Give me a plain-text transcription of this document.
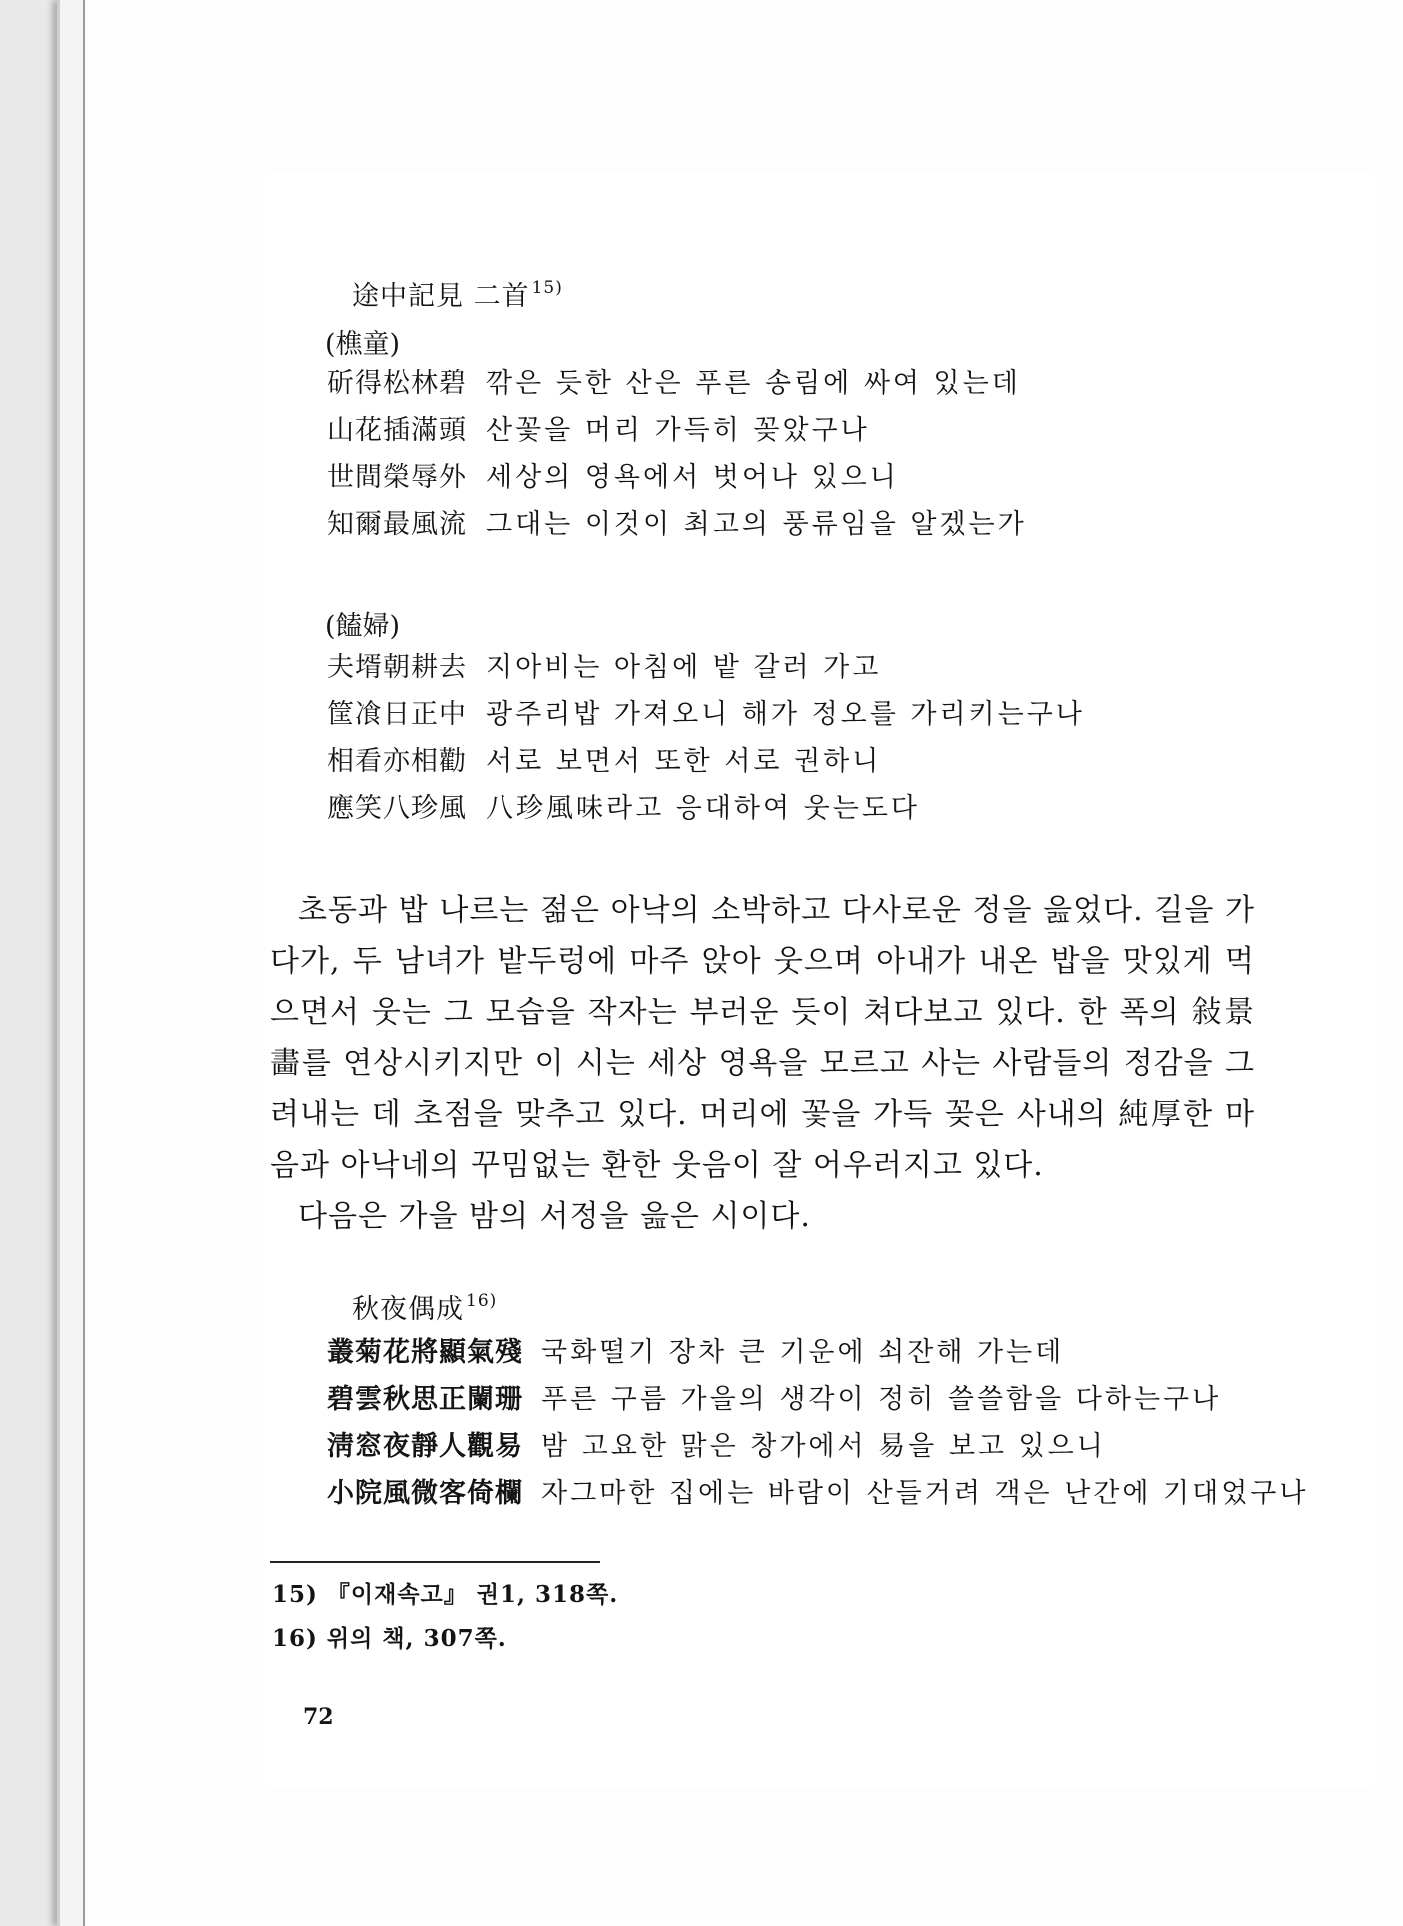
途中記見 二首 $^{15)}$
(樵童)
斫得松林碧 깎은 듯한 산은 푸른 송림에 싸여 있는데
山花插滿頭 산꽃을 머리 가득히 꽂았구나
世間榮辱外 세상의 영욕에서 벗어나 있으니
知爾最風流 그대는 이것이 최고의 풍류임을 알겠는가
(饁婦)
夫壻朝耕去 지아비는 아침에 밭 갈러 가고
筐飡日正中 광주리밥 가져오니 해가 정오를 가리키는구나
相看亦相勸 서로 보면서 또한 서로 권하니
應笑八珍風 八珍風味라고 응대하여 웃는도다

초동과 밥 나르는 젊은 아낙의 소박하고 다사로운 정을 읊었다. 길을 가다가, 두 남녀가 밭두렁에 마주 앉아 웃으며 아내가 내온 밥을 맛있게 먹으면서 웃는 그 모습을 작자는 부러운 듯이 쳐다보고 있다. 한 폭의 敍景畵를 연상시키지만 이 시는 세상 영욕을 모르고 사는 사람들의 정감을 그려내는 데 초점을 맞추고 있다. 머리에 꽃을 가득 꽂은 사내의 純厚한 마음과 아낙네의 꾸밈없는 환한 웃음이 잘 어우러지고 있다.

다음은 가을 밤의 서정을 읊은 시이다.

秋夜偶成 $^{16)}$
叢菊花將顯氣殘 국화떨기 장차 큰 기운에 쇠잔해 가는데
碧雲秋思正闌珊 푸른 구름 가을의 생각이 정히 쓸쓸함을 다하는구나
淸窓夜靜人觀易 밤 고요한 맑은 창가에서 易을 보고 있으니
小院風微客倚欄 자그마한 집에는 바람이 산들거려 객은 난간에 기대었구나
15) 『이재속고』 권1, 318쪽.
16) 위의 책, 307쪽.
72
